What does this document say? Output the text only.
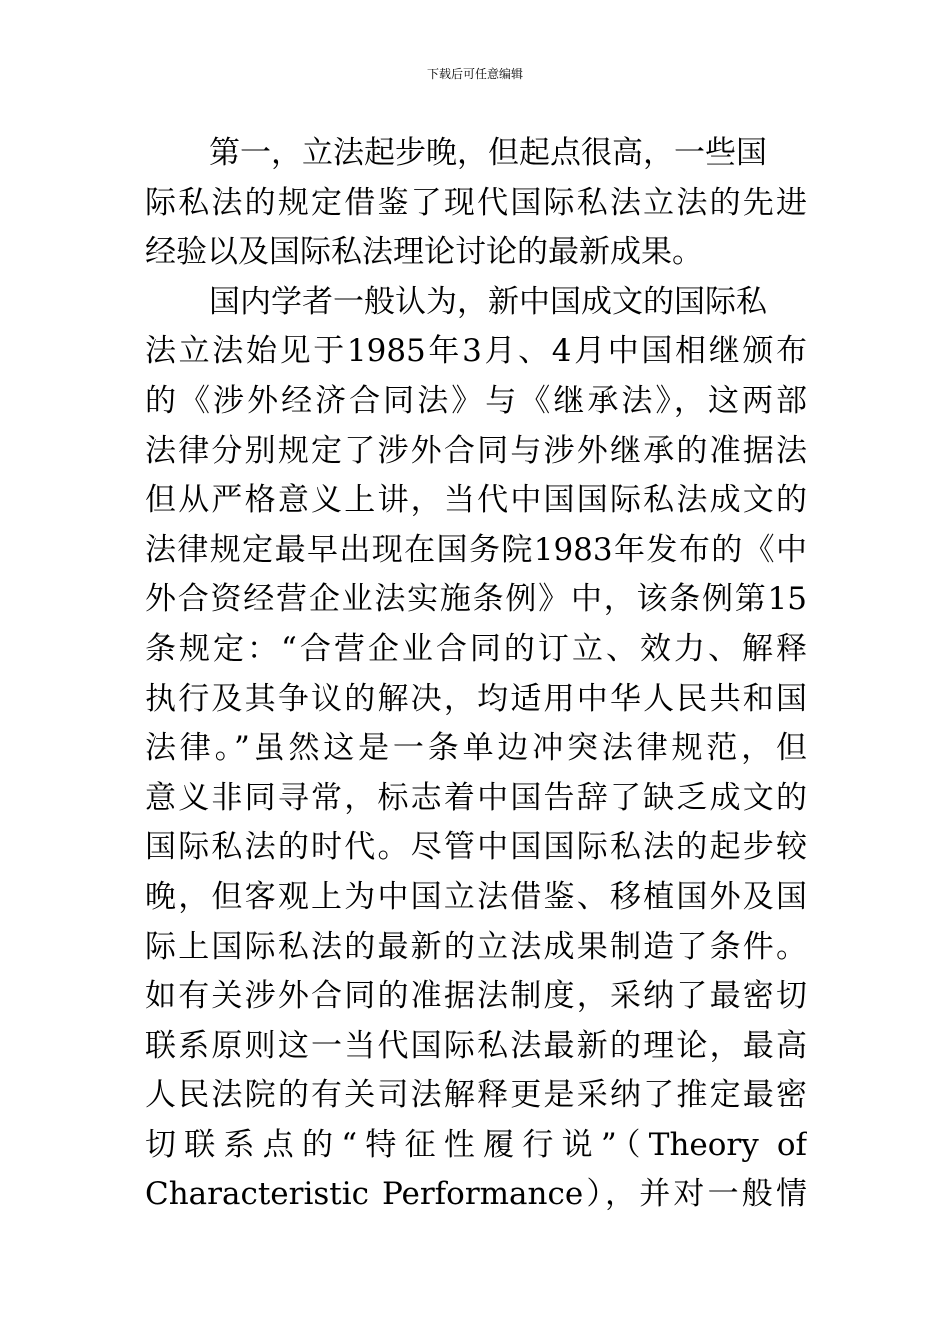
下载后可任意编辑
第一，立法起步晚，但起点很高，一些国
际私法的规定借鉴了现代国际私法立法的先进
经验以及国际私法理论讨论的最新成果。
国内学者一般认为，新中国成文的国际私
法立法始见于1985年3月、4月中国相继颁布
的《涉外经济合同法》与《继承法》，这两部
法律分别规定了涉外合同与涉外继承的准据法
但从严格意义上讲，当代中国国际私法成文的
法律规定最早出现在国务院1983年发布的《中
外合资经营企业法实施条例》中，该条例第15
条规定：“合营企业合同的订立、效力、解释
执行及其争议的解决，均适用中华人民共和国
法律。”虽然这是一条单边冲突法律规范，但
意义非同寻常，标志着中国告辞了缺乏成文的
国际私法的时代。尽管中国国际私法的起步较
晚，但客观上为中国立法借鉴、移植国外及国
际上国际私法的最新的立法成果制造了条件。
如有关涉外合同的准据法制度，采纳了最密切
联系原则这一当代国际私法最新的理论，最高
人民法院的有关司法解释更是采纳了推定最密
切联系点的“特征性履行说”（Theory of
Characteristic Performance），并对一般情
